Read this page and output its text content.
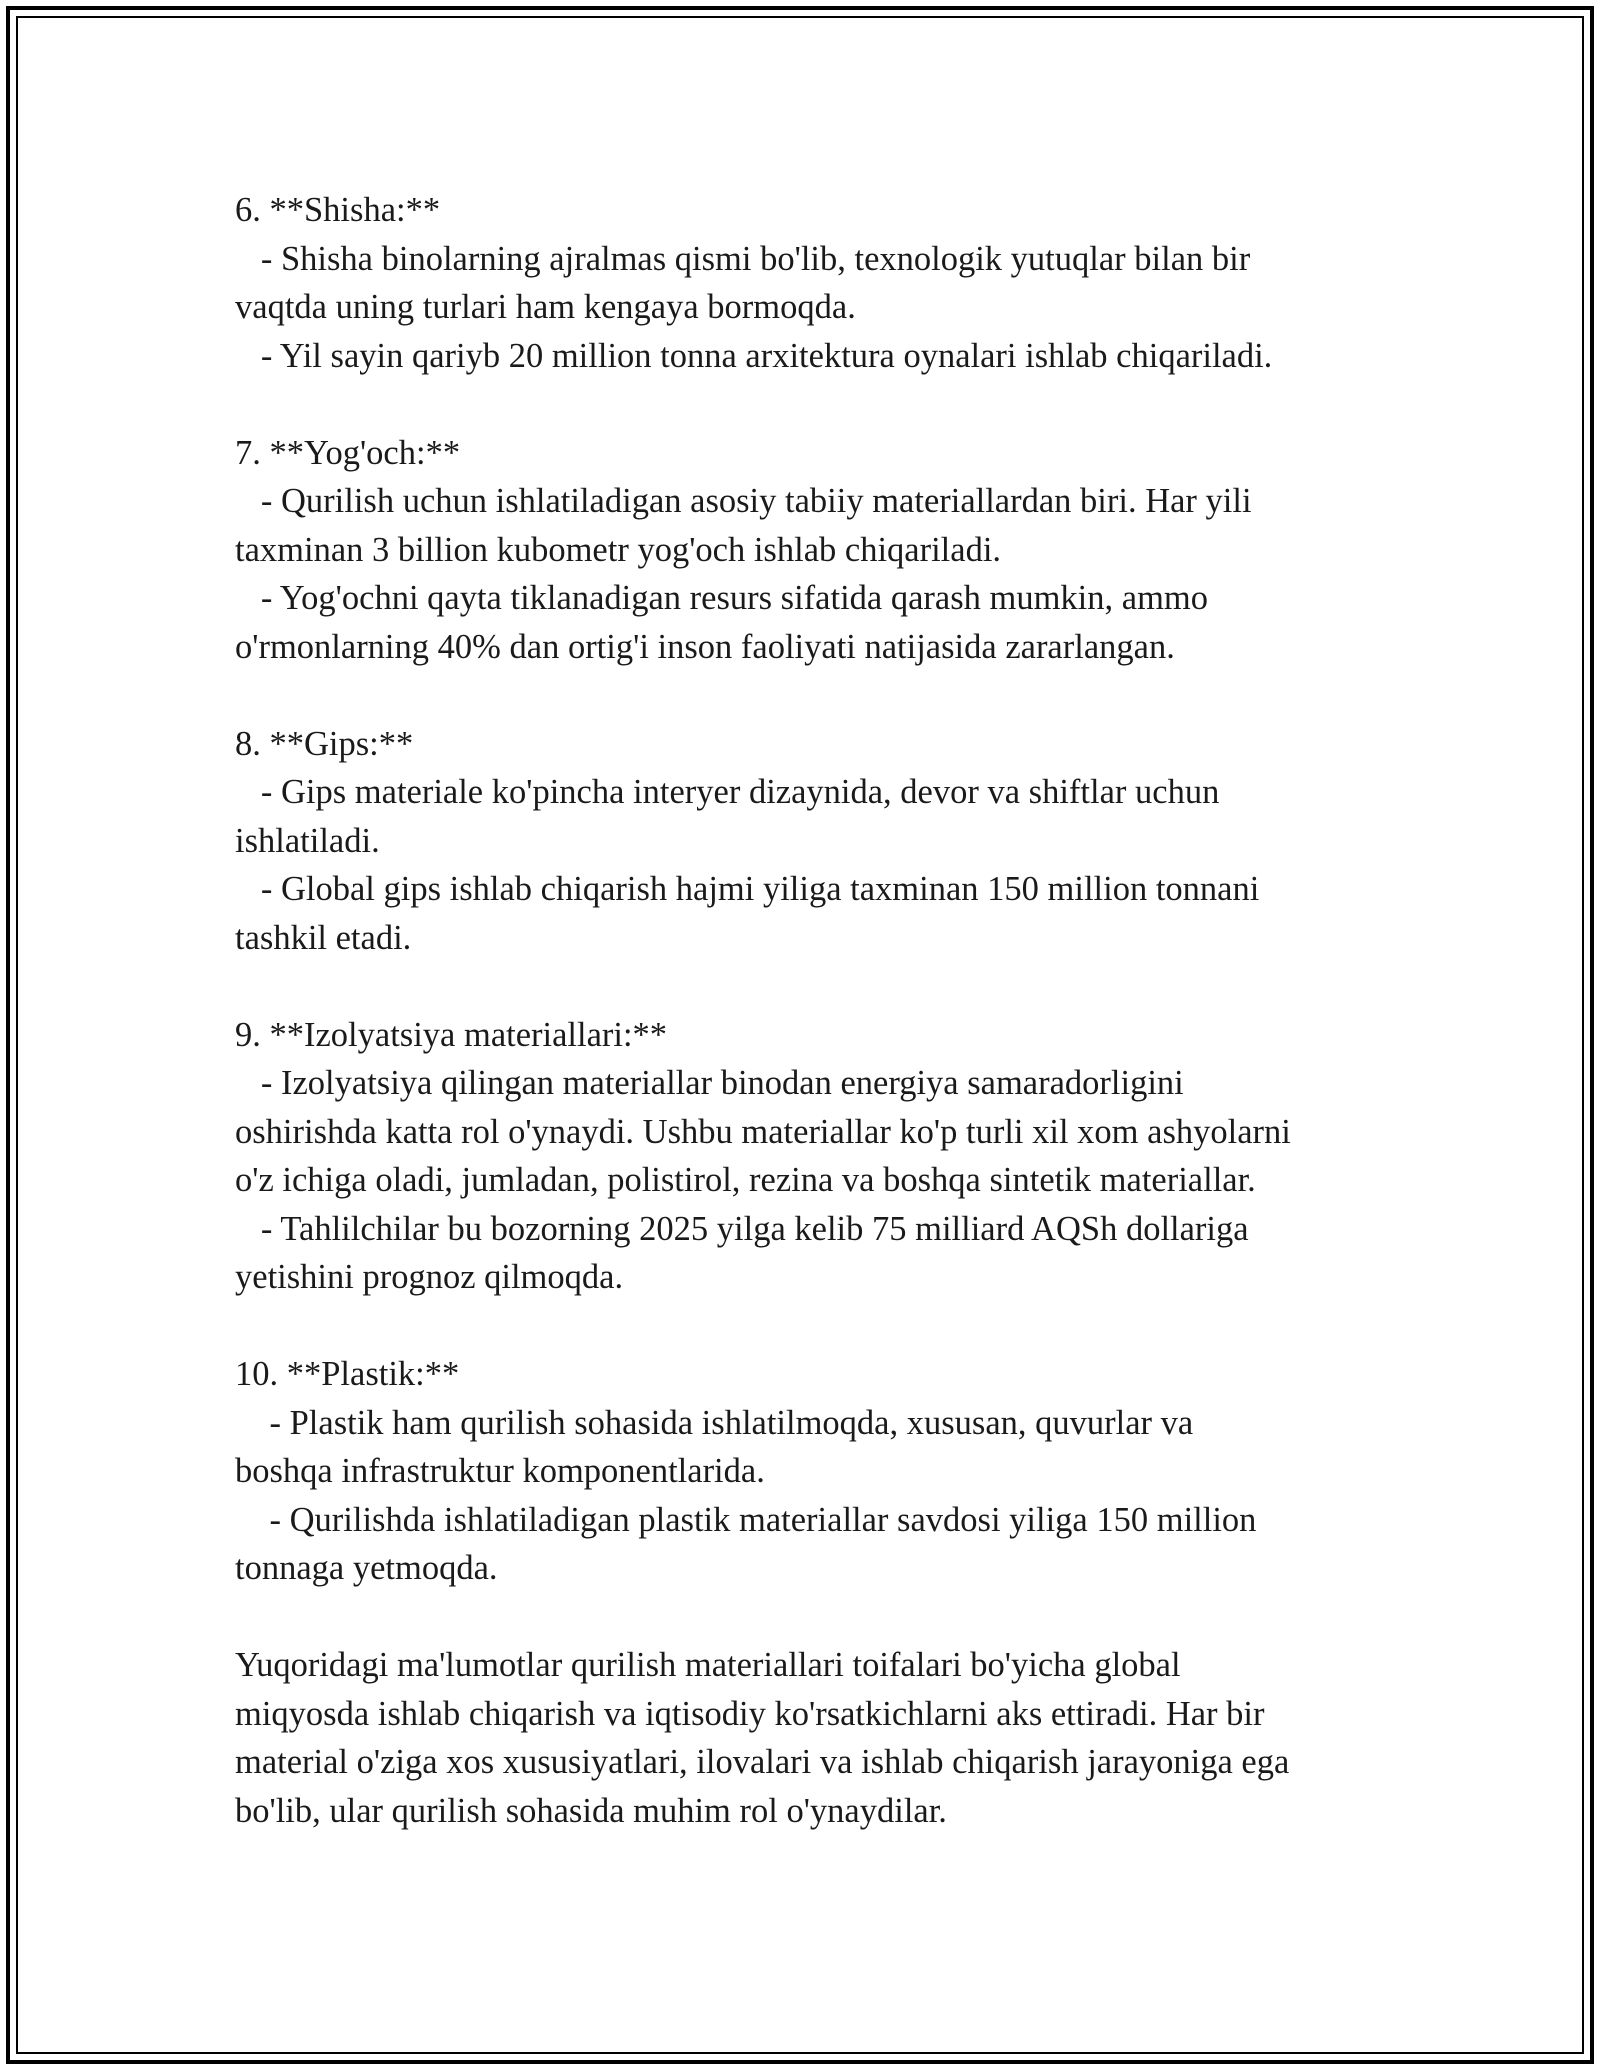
6. **Shisha:**
- Shisha binolarning ajralmas qismi bo'lib, texnologik yutuqlar bilan bir
vaqtda uning turlari ham kengaya bormoqda.
- Yil sayin qariyb 20 million tonna arxitektura oynalari ishlab chiqariladi.
7. **Yog'och:**
- Qurilish uchun ishlatiladigan asosiy tabiiy materiallardan biri. Har yili
taxminan 3 billion kubometr yog'och ishlab chiqariladi.
- Yog'ochni qayta tiklanadigan resurs sifatida qarash mumkin, ammo
o'rmonlarning 40% dan ortig'i inson faoliyati natijasida zararlangan.
8. **Gips:**
- Gips materiale ko'pincha interyer dizaynida, devor va shiftlar uchun
ishlatiladi.
- Global gips ishlab chiqarish hajmi yiliga taxminan 150 million tonnani
tashkil etadi.
9. **Izolyatsiya materiallari:**
- Izolyatsiya qilingan materiallar binodan energiya samaradorligini
oshirishda katta rol o'ynaydi. Ushbu materiallar ko'p turli xil xom ashyolarni
o'z ichiga oladi, jumladan, polistirol, rezina va boshqa sintetik materiallar.
- Tahlilchilar bu bozorning 2025 yilga kelib 75 milliard AQSh dollariga
yetishini prognoz qilmoqda.
10. **Plastik:**
- Plastik ham qurilish sohasida ishlatilmoqda, xususan, quvurlar va
boshqa infrastruktur komponentlarida.
- Qurilishda ishlatiladigan plastik materiallar savdosi yiliga 150 million
tonnaga yetmoqda.
Yuqoridagi ma'lumotlar qurilish materiallari toifalari bo'yicha global
miqyosda ishlab chiqarish va iqtisodiy ko'rsatkichlarni aks ettiradi. Har bir
material o'ziga xos xususiyatlari, ilovalari va ishlab chiqarish jarayoniga ega
bo'lib, ular qurilish sohasida muhim rol o'ynaydilar.
